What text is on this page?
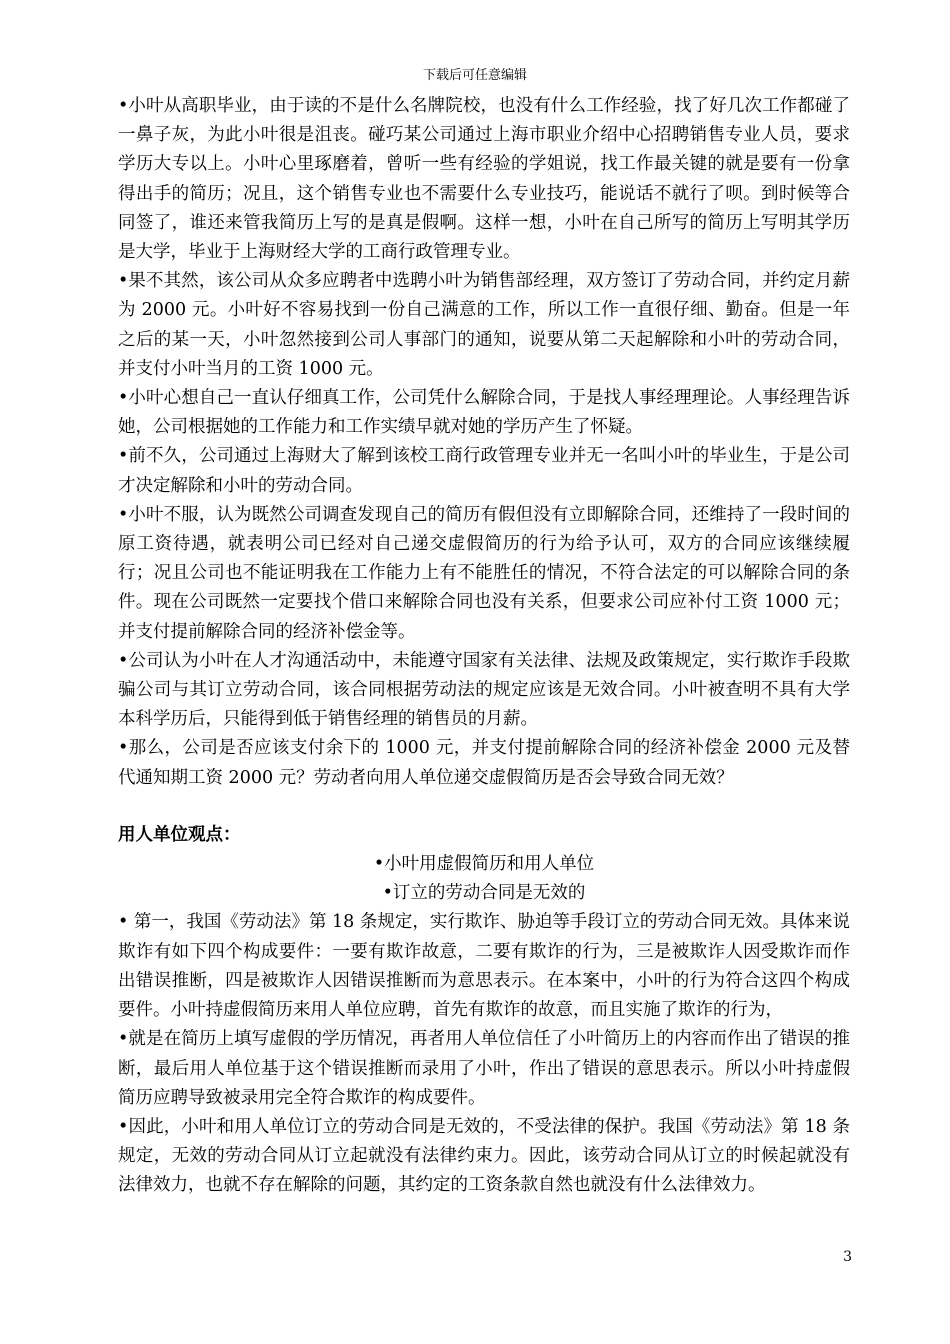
下载后可任意编辑

•小叶从高职毕业，由于读的不是什么名牌院校，也没有什么工作经验，找了好几次工作都碰了一鼻子灰，为此小叶很是沮丧。碰巧某公司通过上海市职业介绍中心招聘销售专业人员，要求学历大专以上。小叶心里琢磨着，曾听一些有经验的学姐说，找工作最关键的就是要有一份拿得出手的简历；况且，这个销售专业也不需要什么专业技巧，能说话不就行了呗。到时候等合同签了，谁还来管我简历上写的是真是假啊。这样一想，小叶在自己所写的简历上写明其学历是大学，毕业于上海财经大学的工商行政管理专业。

•果不其然，该公司从众多应聘者中选聘小叶为销售部经理，双方签订了劳动合同，并约定月薪为 2000 元。小叶好不容易找到一份自己满意的工作，所以工作一直很仔细、勤奋。但是一年之后的某一天，小叶忽然接到公司人事部门的通知，说要从第二天起解除和小叶的劳动合同，并支付小叶当月的工资 1000 元。

•小叶心想自己一直认仔细真工作，公司凭什么解除合同，于是找人事经理理论。人事经理告诉她，公司根据她的工作能力和工作实绩早就对她的学历产生了怀疑。

•前不久，公司通过上海财大了解到该校工商行政管理专业并无一名叫小叶的毕业生，于是公司才决定解除和小叶的劳动合同。

•小叶不服，认为既然公司调查发现自己的简历有假但没有立即解除合同，还维持了一段时间的原工资待遇，就表明公司已经对自己递交虚假简历的行为给予认可，双方的合同应该继续履行；况且公司也不能证明我在工作能力上有不能胜任的情况，不符合法定的可以解除合同的条件。现在公司既然一定要找个借口来解除合同也没有关系，但要求公司应补付工资 1000 元；并支付提前解除合同的经济补偿金等。

•公司认为小叶在人才沟通活动中，未能遵守国家有关法律、法规及政策规定，实行欺诈手段欺骗公司与其订立劳动合同，该合同根据劳动法的规定应该是无效合同。小叶被查明不具有大学本科学历后，只能得到低于销售经理的销售员的月薪。

•那么，公司是否应该支付余下的 1000 元，并支付提前解除合同的经济补偿金 2000 元及替代通知期工资 2000 元？劳动者向用人单位递交虚假简历是否会导致合同无效？

用人单位观点：

•小叶用虚假简历和用人单位

•订立的劳动合同是无效的

• 第一，我国《劳动法》第 18 条规定，实行欺诈、胁迫等手段订立的劳动合同无效。具体来说欺诈有如下四个构成要件：一要有欺诈故意，二要有欺诈的行为，三是被欺诈人因受欺诈而作出错误推断，四是被欺诈人因错误推断而为意思表示。在本案中，小叶的行为符合这四个构成要件。小叶持虚假简历来用人单位应聘，首先有欺诈的故意，而且实施了欺诈的行为，

•就是在简历上填写虚假的学历情况，再者用人单位信任了小叶简历上的内容而作出了错误的推断，最后用人单位基于这个错误推断而录用了小叶，作出了错误的意思表示。所以小叶持虚假简历应聘导致被录用完全符合欺诈的构成要件。

•因此，小叶和用人单位订立的劳动合同是无效的，不受法律的保护。我国《劳动法》第 18 条规定，无效的劳动合同从订立起就没有法律约束力。因此，该劳动合同从订立的时候起就没有法律效力，也就不存在解除的问题，其约定的工资条款自然也就没有什么法律效力。

3
